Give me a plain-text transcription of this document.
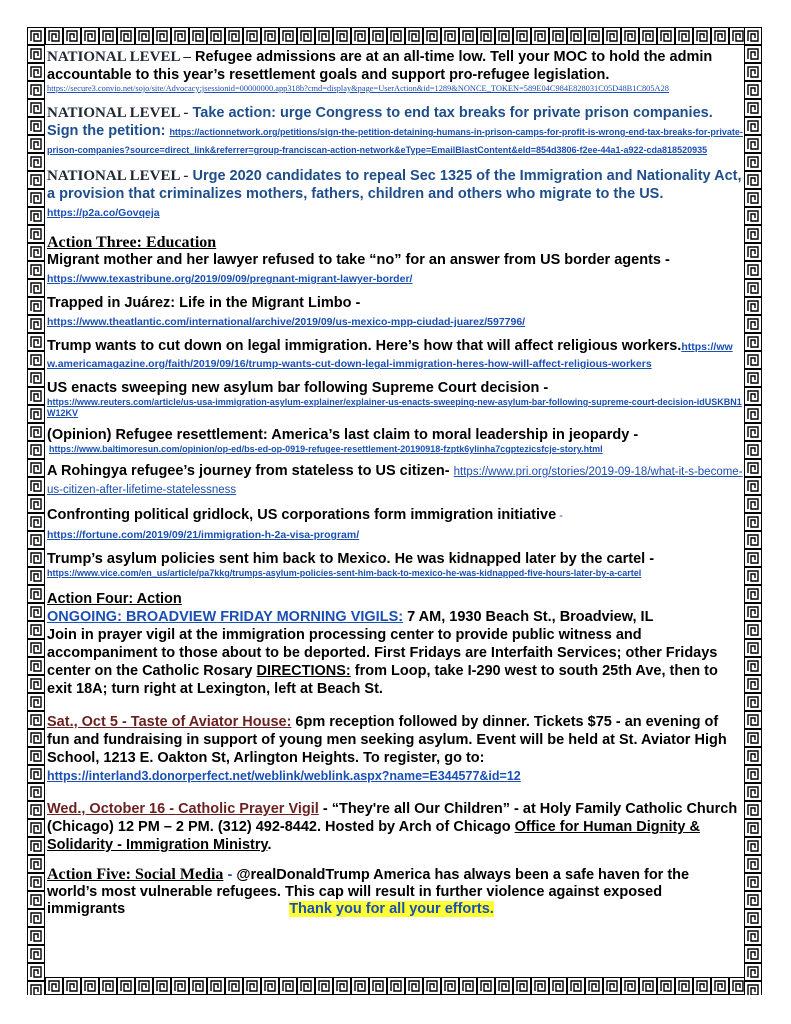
NATIONAL LEVEL – Refugee admissions are at an all-time low. Tell your MOC to hold the admin accountable to this year’s resettlement goals and support pro-refugee legislation.
https://secure3.convio.net/sojo/site/Advocacy;jsessionid=00000000.app318b?cmd=display&page=UserAction&id=1289&NONCE_TOKEN=589E04C984E828031C05D48B1C805A28
NATIONAL LEVEL - Take action: urge Congress to end tax breaks for private prison companies. Sign the petition: https://actionnetwork.org/petitions/sign-the-petition-detaining-humans-in-prison-camps-for-profit-is-wrong-end-tax-breaks-for-private-prison-companies?source=direct_link&referrer=group-franciscan-action-network&eType=EmailBlastContent&eId=854d3806-f2ee-44a1-a922-cda818520935
NATIONAL LEVEL - Urge 2020 candidates to repeal Sec 1325 of the Immigration and Nationality Act, a provision that criminalizes mothers, fathers, children and others who migrate to the US. https://p2a.co/Govqeja
Action Three: Education
Migrant mother and her lawyer refused to take “no” for an answer from US border agents -
https://www.texastribune.org/2019/09/09/pregnant-migrant-lawyer-border/
Trapped in Juárez: Life in the Migrant Limbo -
https://www.theatlantic.com/international/archive/2019/09/us-mexico-mpp-ciudad-juarez/597796/
Trump wants to cut down on legal immigration. Here’s how that will affect religious workers.https://www.americamagazine.org/faith/2019/09/16/trump-wants-cut-down-legal-immigration-heres-how-will-affect-religious-workers
US enacts sweeping new asylum bar following Supreme Court decision -
https://www.reuters.com/article/us-usa-immigration-asylum-explainer/explainer-us-enacts-sweeping-new-asylum-bar-following-supreme-court-decision-idUSKBN1W12KV
(Opinion) Refugee resettlement: America’s last claim to moral leadership in jeopardy -
https://www.baltimoresun.com/opinion/op-ed/bs-ed-op-0919-refugee-resettlement-20190918-fzptk6ylinha7cgptezicsfcje-story.html
A Rohingya refugee’s journey from stateless to US citizen- https://www.pri.org/stories/2019-09-18/what-it-s-become-us-citizen-after-lifetime-statelessness
Confronting political gridlock, US corporations form immigration initiative -
https://fortune.com/2019/09/21/immigration-h-2a-visa-program/
Trump’s asylum policies sent him back to Mexico. He was kidnapped later by the cartel -
https://www.vice.com/en_us/article/pa7kkg/trumps-asylum-policies-sent-him-back-to-mexico-he-was-kidnapped-five-hours-later-by-a-cartel
Action Four: Action
ONGOING: BROADVIEW FRIDAY MORNING VIGILS: 7 AM, 1930 Beach St., Broadview, IL
Join in prayer vigil at the immigration processing center to provide public witness and accompaniment to those about to be deported. First Fridays are Interfaith Services; other Fridays center on the Catholic Rosary DIRECTIONS: from Loop, take I-290 west to south 25th Ave, then to exit 18A; turn right at Lexington, left at Beach St.
Sat., Oct 5 - Taste of Aviator House: 6pm reception followed by dinner. Tickets $75 - an evening of fun and fundraising in support of young men seeking asylum. Event will be held at St. Aviator High School, 1213 E. Oakton St, Arlington Heights. To register, go to:
https://interland3.donorperfect.net/weblink/weblink.aspx?name=E344577&id=12
Wed., October 16 - Catholic Prayer Vigil - “They're all Our Children” - at Holy Family Catholic Church (Chicago) 12 PM – 2 PM. (312) 492-8442. Hosted by Arch of Chicago Office for Human Dignity & Solidarity - Immigration Ministry.
Action Five: Social Media - @realDonaldTrump America has always been a safe haven for the world’s most vulnerable refugees. This cap will result in further violence against exposed immigrants	Thank you for all your efforts.
